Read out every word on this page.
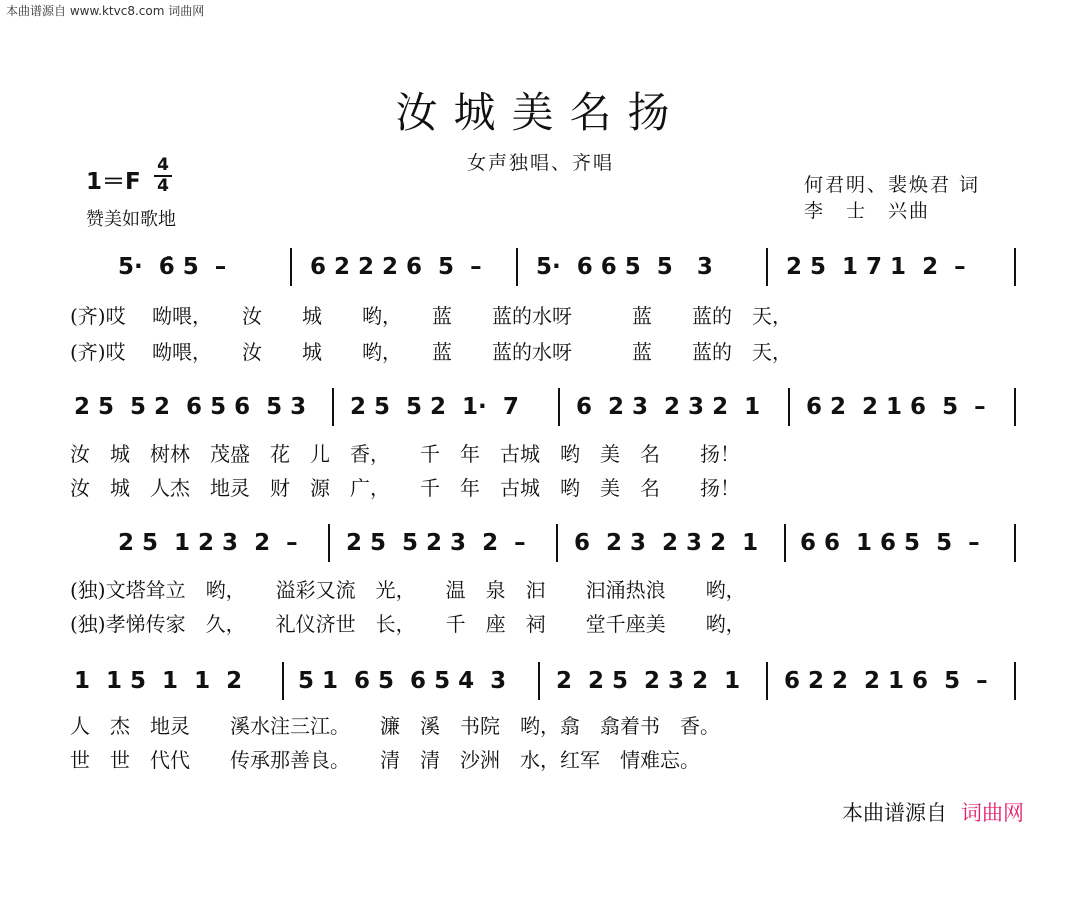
本曲谱源自 www.ktvc8.com 词曲网
汝城美名扬
女声独唱、齐唱
1＝F
4
4
赞美如歌地
何君明、裴焕君 词
李　士　兴曲

5·  6̇ 5  –

	6 2 2 2 6  5  –

5·  6 6 5  5   3

	2 5  1 7 1  2  –

(齐)哎　 呦喂，　　汝　　城　　哟，　　蓝　　蓝的水呀　　　蓝　　蓝的　天，
(齐)哎　 呦喂，　　汝　　城　　哟，　　蓝　　蓝的水呀　　　蓝　　蓝的　天，

2 5  5 2  6 5 6  5 3

2 5  5 2  1·  7

6  2 3  2 3 2  1

6 2  2 1 6  5  –

汝　城　树林　茂盛　花　儿　香，　　千　年　古城　哟　美　名　　扬！
汝　城　人杰　地灵　财　源　广，　　千　年　古城　哟　美　名　　扬！

2 5  1 2 3  2  –

2 5  5 2 3  2  –

6  2 3  2 3 2  1

6 6  1 6 5  5  –

(独)文塔耸立　哟，　　溢彩又流　光，　　温　泉　汩　　汩涌热浪　　哟，
(独)孝悌传家　久，　　礼仪济世　长，　　千　座　祠　　堂千座美　　哟，

1  1 5  1  1  2

5 1  6 5  6 5 4  3

2  2 5  2 3 2  1

6 2 2  2 1 6  5  –

人　杰　地灵　　溪水注三江。　　濂　溪　书院　哟，翕　翕着书　香。
世　世　代代　　传承那善良。　　清　清　沙洲　水，红军　情难忘。
本曲谱源自 词曲网
